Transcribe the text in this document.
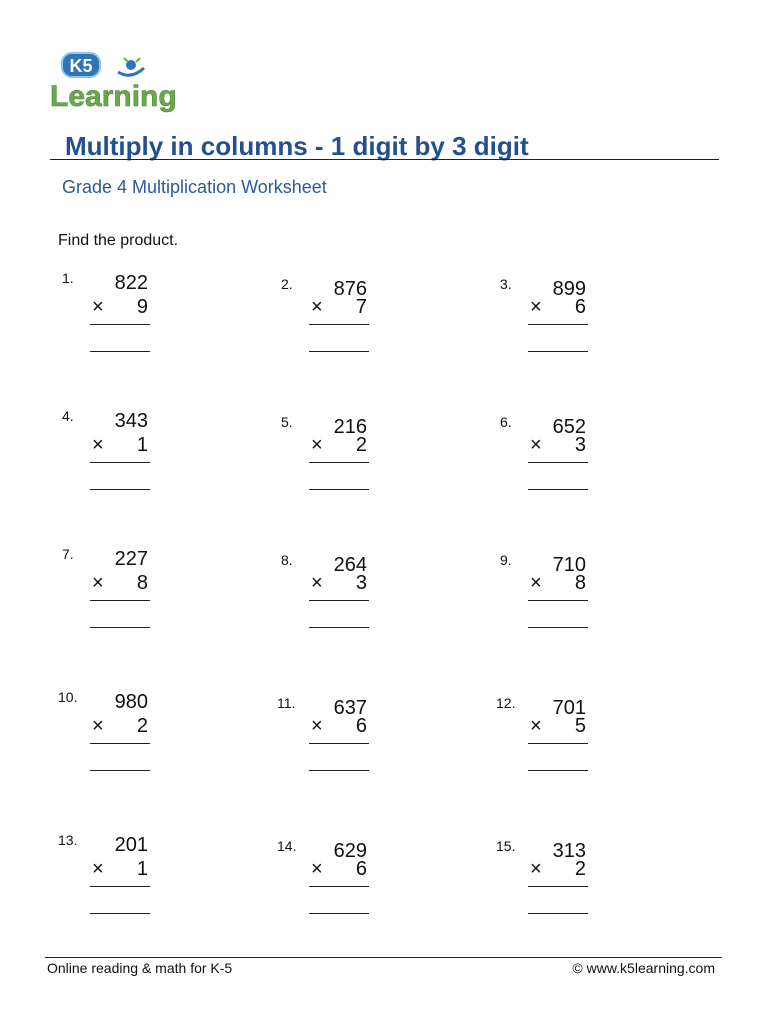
K5
Learning
Multiply in columns - 1 digit by 3 digit
Grade 4 Multiplication Worksheet
Find the product.
1.	822
× 9
2.	876
× 7
3.	899
× 6
4.	343
× 1
5.	216
× 2
6.	652
× 3
7.	227
× 8
8.	264
× 3
9.	710
× 8
10. 980
× 2
11. 637
× 6
12. 701
× 5
13. 201
× 1
14. 629
× 6
15. 313
× 2
Online reading & math for K-5	© www.k5learning.com
